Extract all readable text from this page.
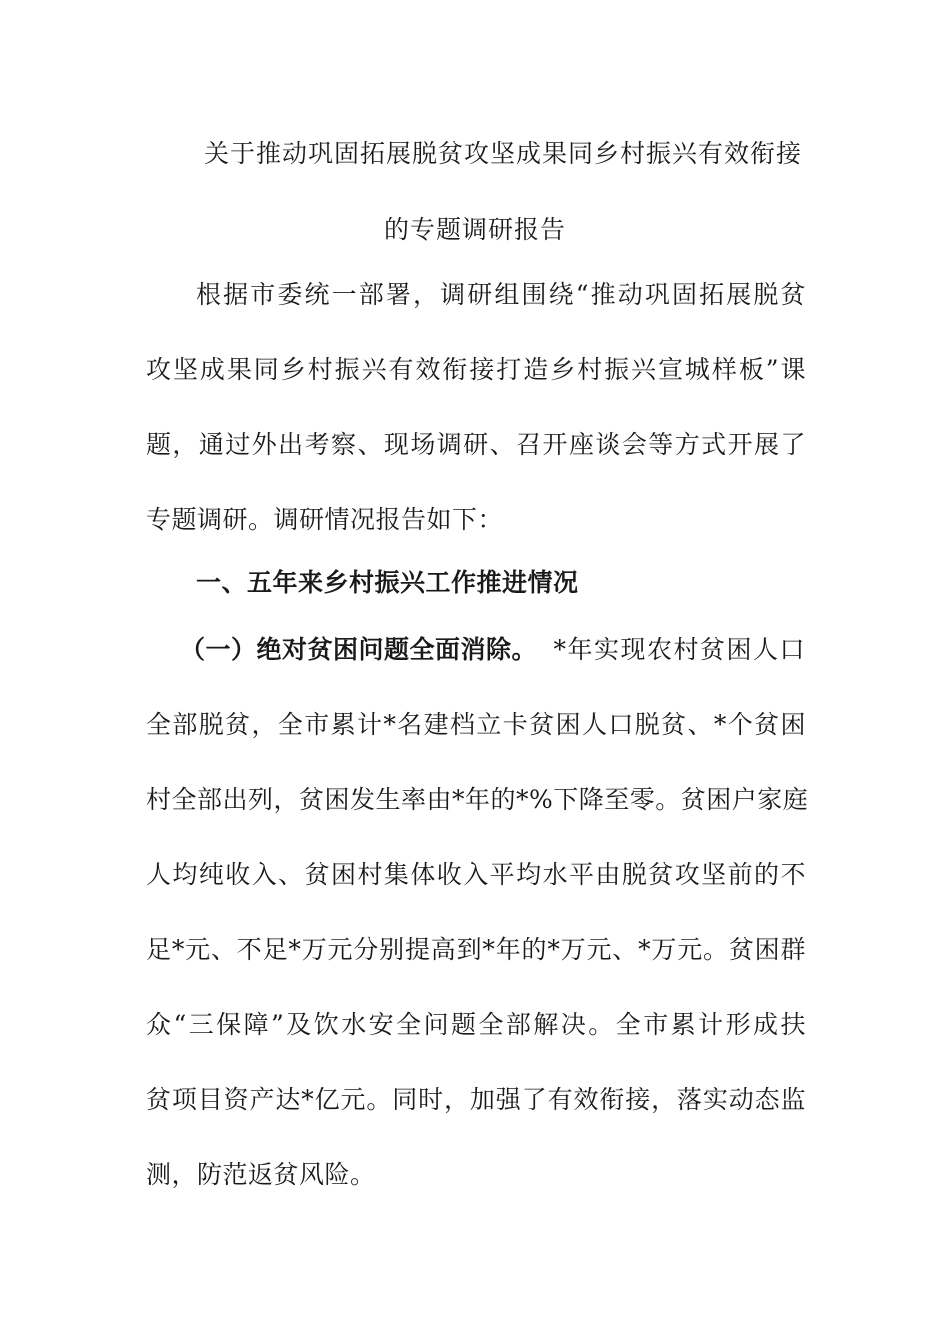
关于推动巩固拓展脱贫攻坚成果同乡村振兴有效衔接
的专题调研报告
根据市委统一部署，调研组围绕“推动巩固拓展脱贫
攻坚成果同乡村振兴有效衔接打造乡村振兴宣城样板”课
题，通过外出考察、现场调研、召开座谈会等方式开展了
专题调研。调研情况报告如下：
一、五年来乡村振兴工作推进情况
（一）绝对贫困问题全面消除。 *年实现农村贫困人口
全部脱贫，全市累计*名建档立卡贫困人口脱贫、*个贫困
村全部出列，贫困发生率由*年的*%下降至零。贫困户家庭
人均纯收入、贫困村集体收入平均水平由脱贫攻坚前的不
足*元、不足*万元分别提高到*年的*万元、*万元。贫困群
众“三保障”及饮水安全问题全部解决。全市累计形成扶
贫项目资产达*亿元。同时，加强了有效衔接，落实动态监
测，防范返贫风险。
